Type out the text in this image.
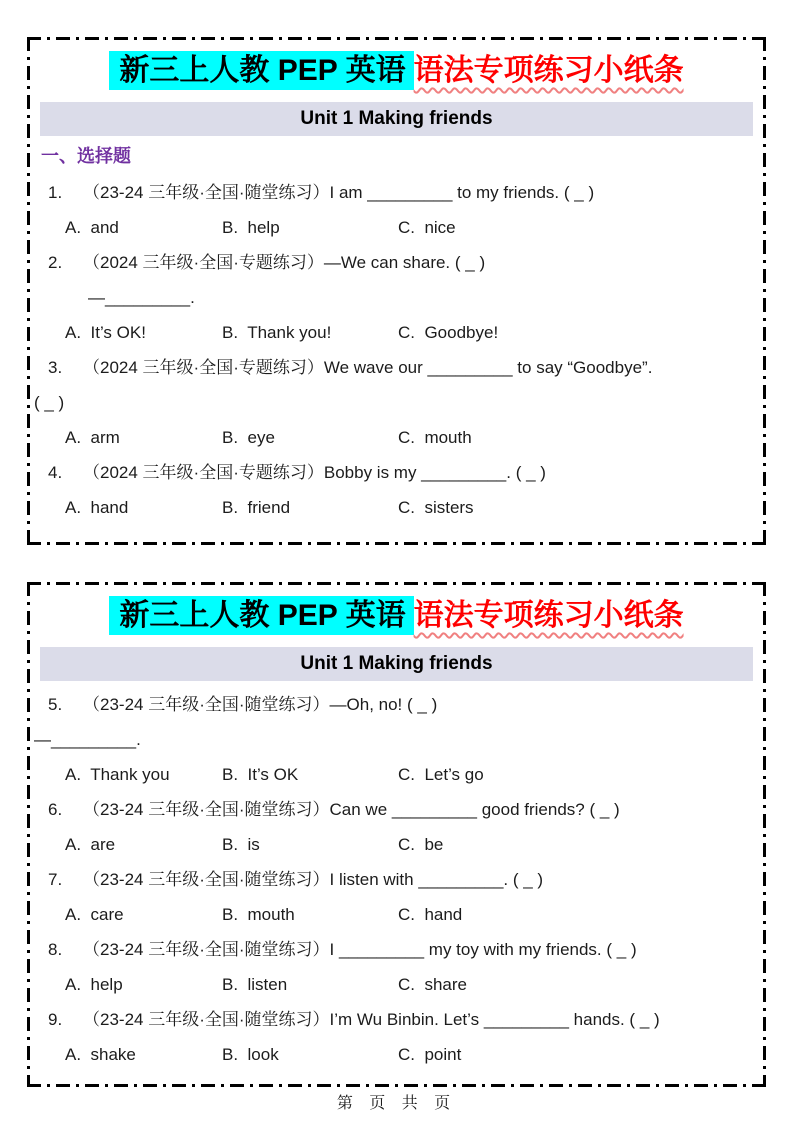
新三上人教 PEP 英语 语法专项练习小纸条
Unit 1 Making friends
一、选择题
1. （23-24 三年级·全国·随堂练习）I am _________ to my friends. ( _ )
A.  and	B.  help	C.  nice
2. （2024 三年级·全国·专题练习）—We can share. ( _ )
—_________.
A.  It’s OK!	B.  Thank you!	C.  Goodbye!
3. （2024 三年级·全国·专题练习）We wave our _________ to say “Goodbye”.
( _ )
A.  arm	B.  eye	C.  mouth
4. （2024 三年级·全国·专题练习）Bobby is my _________. ( _ )
A.  hand	B.  friend	C.  sisters
新三上人教 PEP 英语 语法专项练习小纸条
Unit 1 Making friends
5. （23-24 三年级·全国·随堂练习）—Oh, no! ( _ )
—_________.
A.  Thank you	B.  It’s OK	C.  Let’s go
6. （23-24 三年级·全国·随堂练习）Can we _________ good friends? ( _ )
A.  are	B.  is	C.  be
7. （23-24 三年级·全国·随堂练习）I listen with _________. ( _ )
A.  care	B.  mouth	C.  hand
8. （23-24 三年级·全国·随堂练习）I _________ my toy with my friends. ( _ )
A.  help	B.  listen	C.  share
9. （23-24 三年级·全国·随堂练习）I’m Wu Binbin. Let’s _________ hands. ( _ )
A.  shake	B.  look	C.  point
第 页 共 页
